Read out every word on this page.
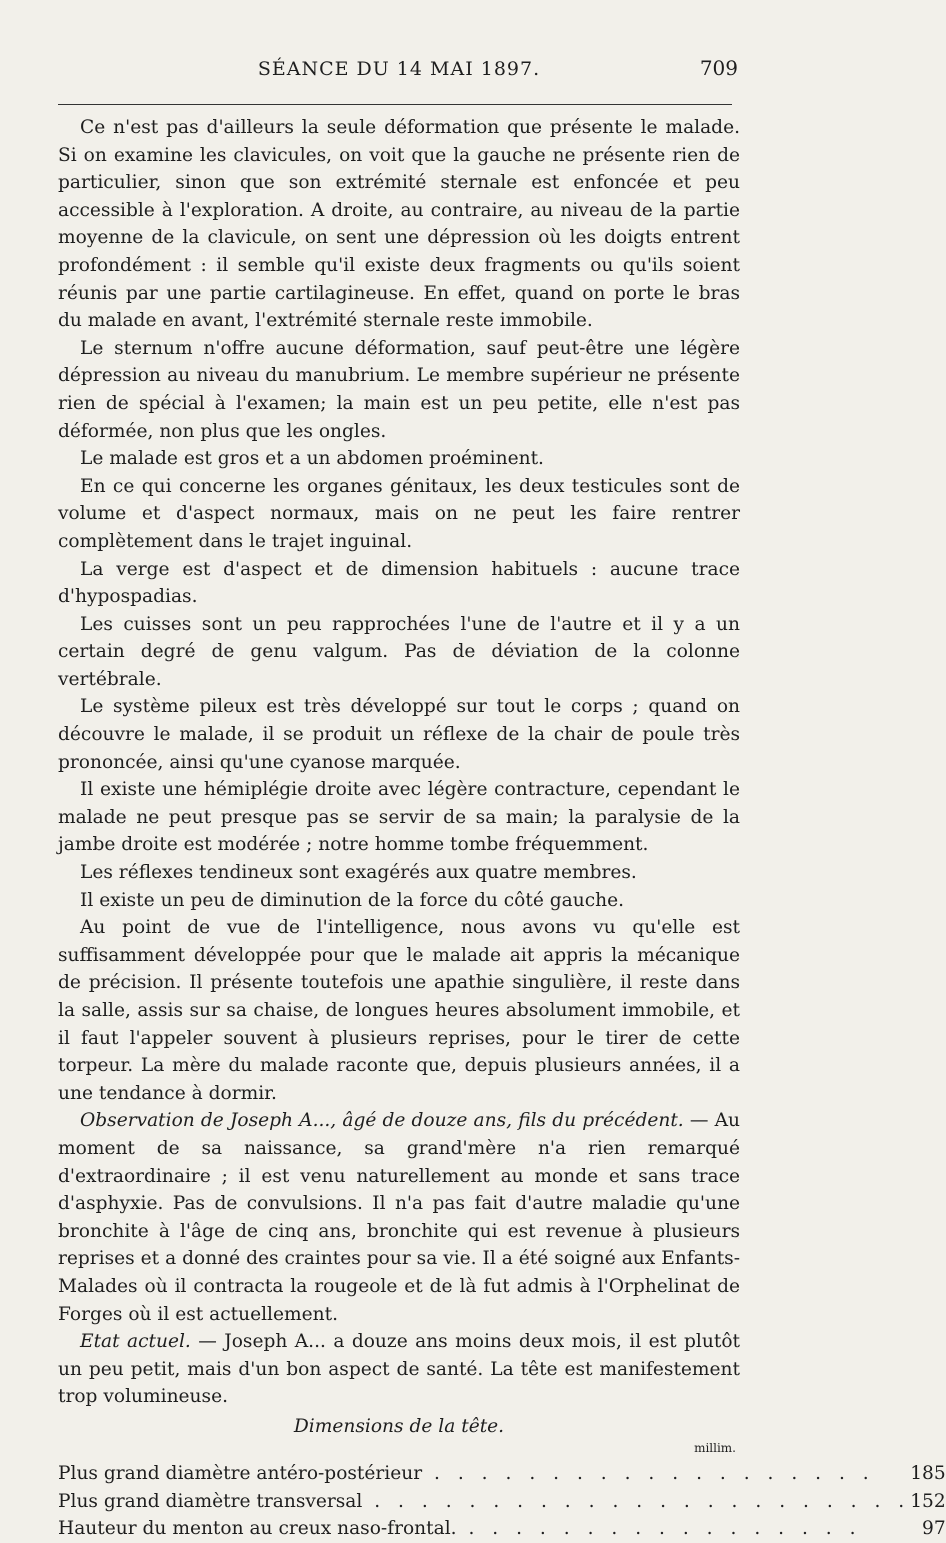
SÉANCE DU 14 MAI 1897.	709

Ce n'est pas d'ailleurs la seule déformation que présente le malade. Si on examine les clavicules, on voit que la gauche ne présente rien de particulier, sinon que son extrémité sternale est enfoncée et peu accessible à l'exploration. A droite, au contraire, au niveau de la partie moyenne de la clavicule, on sent une dépression où les doigts entrent profondément : il semble qu'il existe deux fragments ou qu'ils soient réunis par une partie cartilagineuse. En effet, quand on porte le bras du malade en avant, l'extrémité sternale reste immobile.

Le sternum n'offre aucune déformation, sauf peut-être une légère dépression au niveau du manubrium. Le membre supérieur ne présente rien de spécial à l'examen; la main est un peu petite, elle n'est pas déformée, non plus que les ongles.

Le malade est gros et a un abdomen proéminent.

En ce qui concerne les organes génitaux, les deux testicules sont de volume et d'aspect normaux, mais on ne peut les faire rentrer complètement dans le trajet inguinal.

La verge est d'aspect et de dimension habituels : aucune trace d'hypospadias.

Les cuisses sont un peu rapprochées l'une de l'autre et il y a un certain degré de genu valgum. Pas de déviation de la colonne vertébrale.

Le système pileux est très développé sur tout le corps ; quand on découvre le malade, il se produit un réflexe de la chair de poule très prononcée, ainsi qu'une cyanose marquée.

Il existe une hémiplégie droite avec légère contracture, cependant le malade ne peut presque pas se servir de sa main; la paralysie de la jambe droite est modérée ; notre homme tombe fréquemment.

Les réflexes tendineux sont exagérés aux quatre membres.

Il existe un peu de diminution de la force du côté gauche.

Au point de vue de l'intelligence, nous avons vu qu'elle est suffisamment développée pour que le malade ait appris la mécanique de précision. Il présente toutefois une apathie singulière, il reste dans la salle, assis sur sa chaise, de longues heures absolument immobile, et il faut l'appeler souvent à plusieurs reprises, pour le tirer de cette torpeur. La mère du malade raconte que, depuis plusieurs années, il a une tendance à dormir.

Observation de Joseph A..., âgé de douze ans, fils du précédent. — Au moment de sa naissance, sa grand'mère n'a rien remarqué d'extraordinaire ; il est venu naturellement au monde et sans trace d'asphyxie. Pas de convulsions. Il n'a pas fait d'autre maladie qu'une bronchite à l'âge de cinq ans, bronchite qui est revenue à plusieurs reprises et a donné des craintes pour sa vie. Il a été soigné aux Enfants-Malades où il contracta la rougeole et de là fut admis à l'Orphelinat de Forges où il est actuellement.

Etat actuel. — Joseph A... a douze ans moins deux mois, il est plutôt un peu petit, mais d'un bon aspect de santé. La tête est manifestement trop volumineuse.

Dimensions de la tête.
millim.
Plus grand diamètre antéro-postérieur . . . . . . . . . . . . . . . . . . .	185
Plus grand diamètre transversal . . . . . . . . . . . . . . . . . . . . . . .	152
Hauteur du menton au creux naso-frontal. . . . . . . . . . . . . . . . . .	97
